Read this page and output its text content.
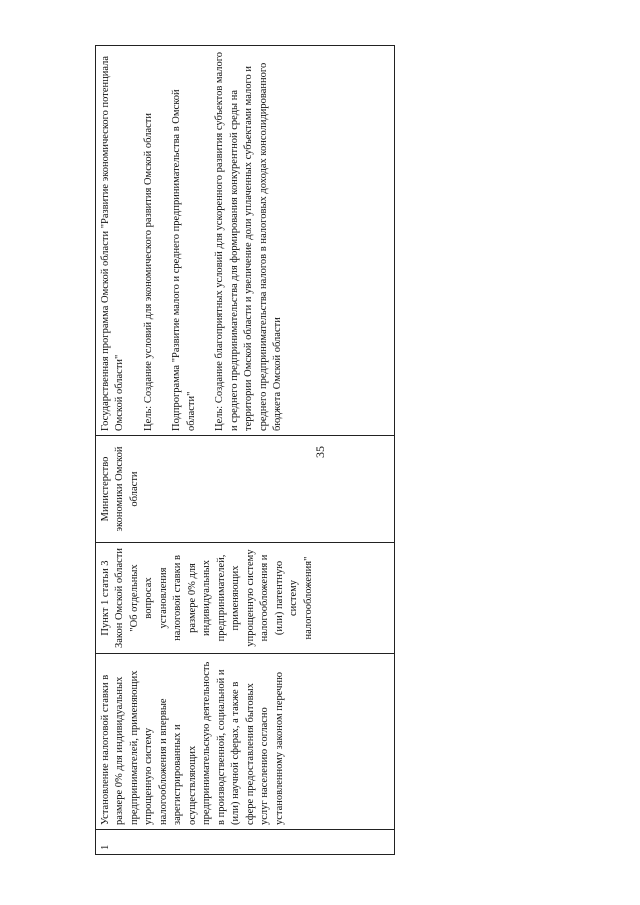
35
1	Установление налоговой ставки в размере 0% для индивидуальных предпринимателей, применяющих упрощенную систему налогообложения и впервые зарегистрированных и осуществляющих предпринимательскую деятельность в производственной, социальной и (или) научной сферах, а также в сфере предоставления бытовых услуг населению согласно установленному законом перечню	Пункт 1 статьи 3 Закон Омской области "Об отдельных вопросах установления налоговой ставки в размере 0% для индивидуальных предпринимателей, применяющих упрощенную систему налогообложения и (или) патентную систему налогообложения"	Министерство экономики Омской области	Государственная программа Омской области "Развитие экономического потенциала Омской области" Цель: Создание условий для экономического развития Омской области Подпрограмма "Развитие малого и среднего предпринимательства в Омской области" Цель: Создание благоприятных условий для ускоренного развития субъектов малого и среднего предпринимательства для формирования конкурентной среды на территории Омской области и увеличение доли уплаченных субъектами малого и среднего предпринимательства налогов в налоговых доходах консолидированного бюджета Омской области
